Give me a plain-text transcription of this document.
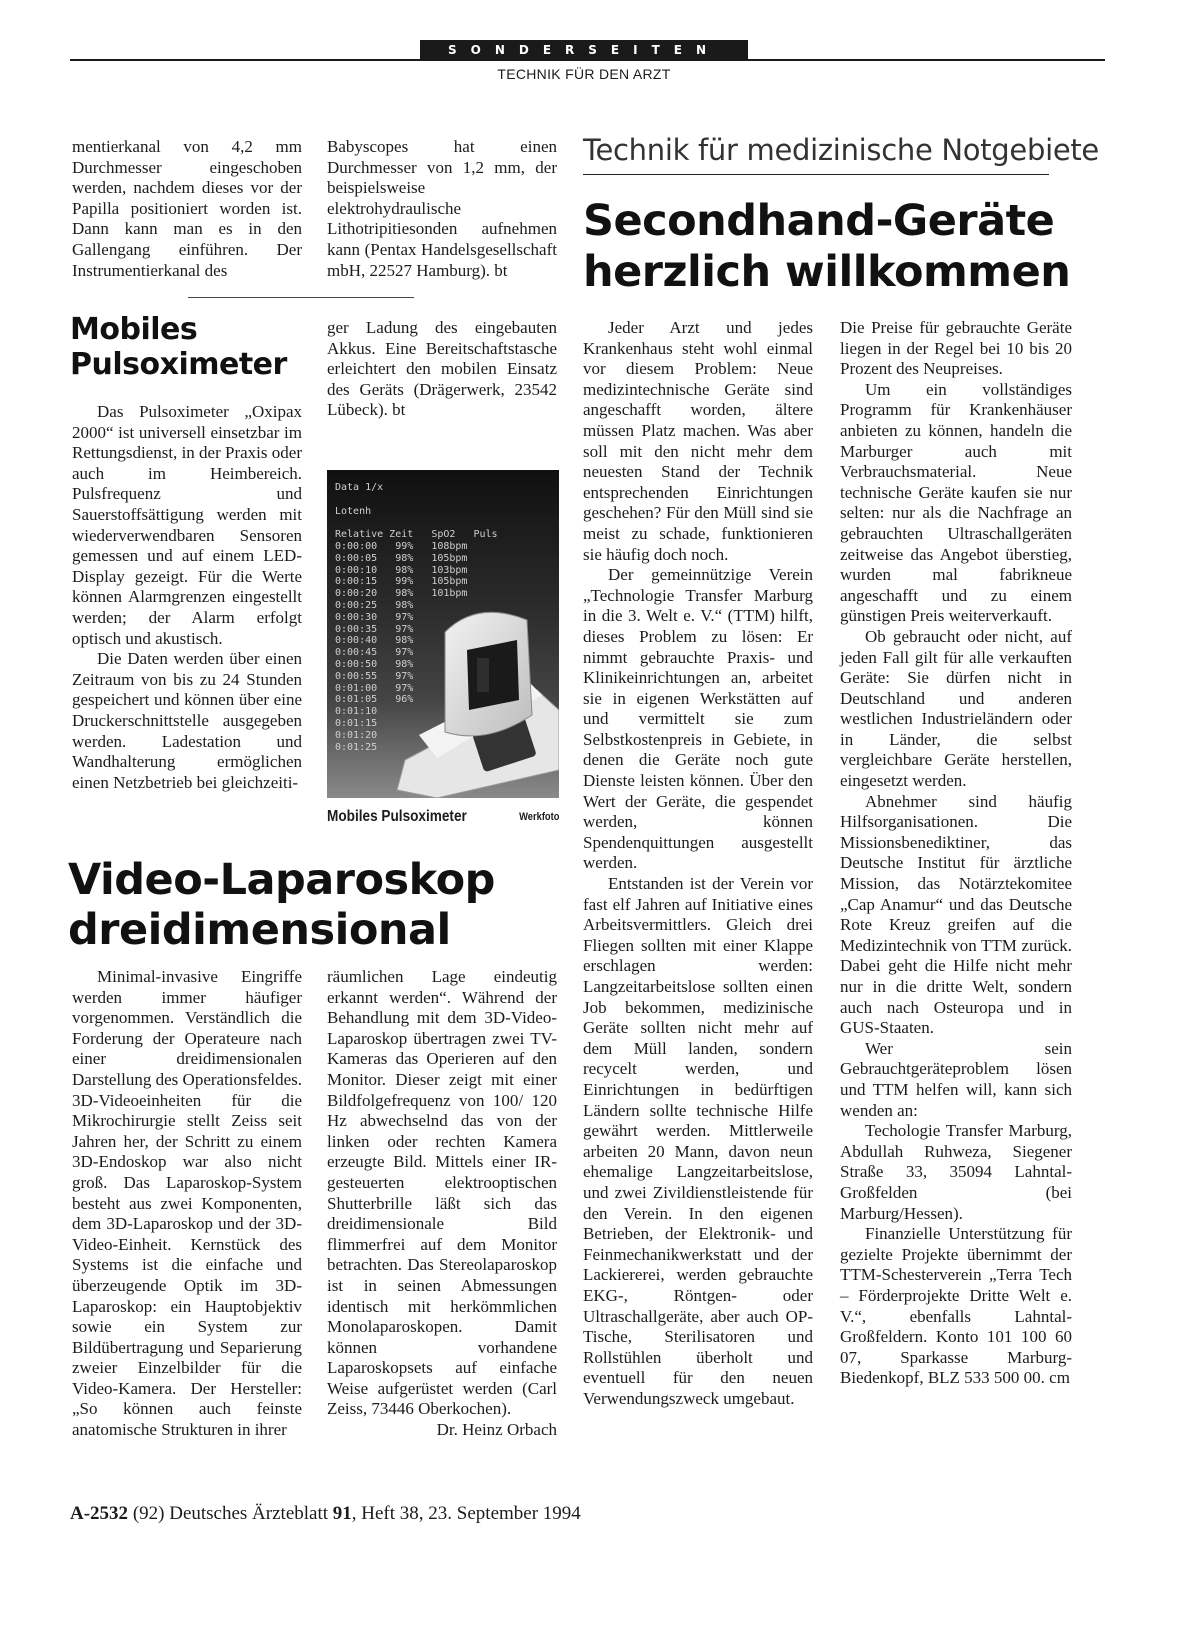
SONDERSEITEN
TECHNIK FÜR DEN ARZT

mentierkanal von 4,2 mm Durchmesser eingeschoben werden, nachdem dieses vor der Papilla positioniert worden ist. Dann kann man es in den Gallengang einführen. Der Instrumentierkanal des

Babyscopes hat einen Durchmesser von 1,2 mm, der beispielsweise elektrohydraulische Lithotripitiesonden aufnehmen kann (Pentax Handelsgesellschaft mbH, 22527 Hamburg). bt

Mobiles
Pulsoximeter

Das Pulsoximeter „Oxipax 2000“ ist universell einsetzbar im Rettungsdienst, in der Praxis oder auch im Heimbereich. Pulsfrequenz und Sauerstoffsättigung werden mit wiederverwendbaren Sensoren gemessen und auf einem LED-Display gezeigt. Für die Werte können Alarmgrenzen eingestellt werden; der Alarm erfolgt optisch und akustisch.

Die Daten werden über einen Zeitraum von bis zu 24 Stunden gespeichert und können über eine Druckerschnittstelle ausgegeben werden. Ladestation und Wandhalterung ermöglichen einen Netzbetrieb bei gleichzeiti-

ger Ladung des eingebauten Akkus. Eine Bereitschaftstasche erleichtert den mobilen Einsatz des Geräts (Drägerwerk, 23542 Lübeck). bt

Data 1/x

Lotenh

Relative Zeit   SpO2   Puls
0:00:00   99%   108bpm
0:00:05   98%   105bpm
0:00:10   98%   103bpm
0:00:15   99%   105bpm
0:00:20   98%   101bpm
0:00:25   98%
0:00:30   97%
0:00:35   97%
0:00:40   98%
0:00:45   97%
0:00:50   98%
0:00:55   97%
0:01:00   97%
0:01:05   96%
0:01:10
0:01:15
0:01:20
0:01:25
Mobiles Pulsoximeter	Werkfoto
Video-Laparoskop
dreidimensional

Minimal-invasive Eingriffe werden immer häufiger vorgenommen. Verständlich die Forderung der Operateure nach einer dreidimensionalen Darstellung des Operationsfeldes. 3D-Videoeinheiten für die Mikrochirurgie stellt Zeiss seit Jahren her, der Schritt zu einem 3D-Endoskop war also nicht groß. Das Laparoskop-System besteht aus zwei Komponenten, dem 3D-Laparoskop und der 3D-Video-Einheit. Kernstück des Systems ist die einfache und überzeugende Optik im 3D-Laparoskop: ein Hauptobjektiv sowie ein System zur Bildübertragung und Separierung zweier Einzelbilder für die Video-Kamera. Der Hersteller: „So können auch feinste anatomische Strukturen in ihrer

räumlichen Lage eindeutig erkannt werden“. Während der Behandlung mit dem 3D-Video-Laparoskop übertragen zwei TV-Kameras das Operieren auf den Monitor. Dieser zeigt mit einer Bildfolgefrequenz von 100/ 120 Hz abwechselnd das von der linken oder rechten Kamera erzeugte Bild. Mittels einer IR-gesteuerten elektrooptischen Shutterbrille läßt sich das dreidimensionale Bild flimmerfrei auf dem Monitor betrachten. Das Stereolaparoskop ist in seinen Abmessungen identisch mit herkömmlichen Monolaparoskopen. Damit können vorhandene Laparoskopsets auf einfache Weise aufgerüstet werden (Carl Zeiss, 73446 Oberkochen).

Dr. Heinz Orbach

Technik für medizinische Notgebiete
Secondhand-Geräte
herzlich willkommen

Jeder Arzt und jedes Krankenhaus steht wohl einmal vor diesem Problem: Neue medizintechnische Geräte sind angeschafft worden, ältere müssen Platz machen. Was aber soll mit den nicht mehr dem neuesten Stand der Technik entsprechenden Einrichtungen geschehen? Für den Müll sind sie meist zu schade, funktionieren sie häufig doch noch.

Der gemeinnützige Verein „Technologie Transfer Marburg in die 3. Welt e. V.“ (TTM) hilft, dieses Problem zu lösen: Er nimmt gebrauchte Praxis- und Klinikeinrichtungen an, arbeitet sie in eigenen Werkstätten auf und vermittelt sie zum Selbstkostenpreis in Gebiete, in denen die Geräte noch gute Dienste leisten können. Über den Wert der Geräte, die gespendet werden, können Spendenquittungen ausgestellt werden.

Entstanden ist der Verein vor fast elf Jahren auf Initiative eines Arbeitsvermittlers. Gleich drei Fliegen sollten mit einer Klappe erschlagen werden: Langzeitarbeitslose sollten einen Job bekommen, medizinische Geräte sollten nicht mehr auf dem Müll landen, sondern recycelt werden, und Einrichtungen in bedürftigen Ländern sollte technische Hilfe gewährt werden. Mittlerweile arbeiten 20 Mann, davon neun ehemalige Langzeitarbeitslose, und zwei Zivildienstleistende für den Verein. In den eigenen Betrieben, der Elektronik- und Feinmechanikwerkstatt und der Lackiererei, werden gebrauchte EKG-, Röntgen- oder Ultraschallgeräte, aber auch OP-Tische, Sterilisatoren und Rollstühlen überholt und eventuell für den neuen Verwendungszweck umgebaut.

Die Preise für gebrauchte Geräte liegen in der Regel bei 10 bis 20 Prozent des Neupreises.

Um ein vollständiges Programm für Krankenhäuser anbieten zu können, handeln die Marburger auch mit Verbrauchsmaterial. Neue technische Geräte kaufen sie nur selten: nur als die Nachfrage an gebrauchten Ultraschallgeräten zeitweise das Angebot überstieg, wurden mal fabrikneue angeschafft und zu einem günstigen Preis weiterverkauft.

Ob gebraucht oder nicht, auf jeden Fall gilt für alle verkauften Geräte: Sie dürfen nicht in Deutschland und anderen westlichen Industrieländern oder in Länder, die selbst vergleichbare Geräte herstellen, eingesetzt werden.

Abnehmer sind häufig Hilfsorganisationen. Die Missionsbenediktiner, das Deutsche Institut für ärztliche Mission, das Notärztekomitee „Cap Anamur“ und das Deutsche Rote Kreuz greifen auf die Medizintechnik von TTM zurück. Dabei geht die Hilfe nicht mehr nur in die dritte Welt, sondern auch nach Osteuropa und in GUS-Staaten.

Wer sein Gebrauchtgeräteproblem lösen und TTM helfen will, kann sich wenden an:

Techologie Transfer Marburg, Abdullah Ruhweza, Siegener Straße 33, 35094 Lahntal-Großfelden (bei Marburg/Hessen).

Finanzielle Unterstützung für gezielte Projekte übernimmt der TTM-Schesterverein „Terra Tech – Förderprojekte Dritte Welt e. V.“, ebenfalls Lahntal-Großfeldern. Konto 101 100 60 07, Sparkasse Marburg-Biedenkopf, BLZ 533 500 00. cm

A-2532 (92) Deutsches Ärzteblatt 91, Heft 38, 23. September 1994
